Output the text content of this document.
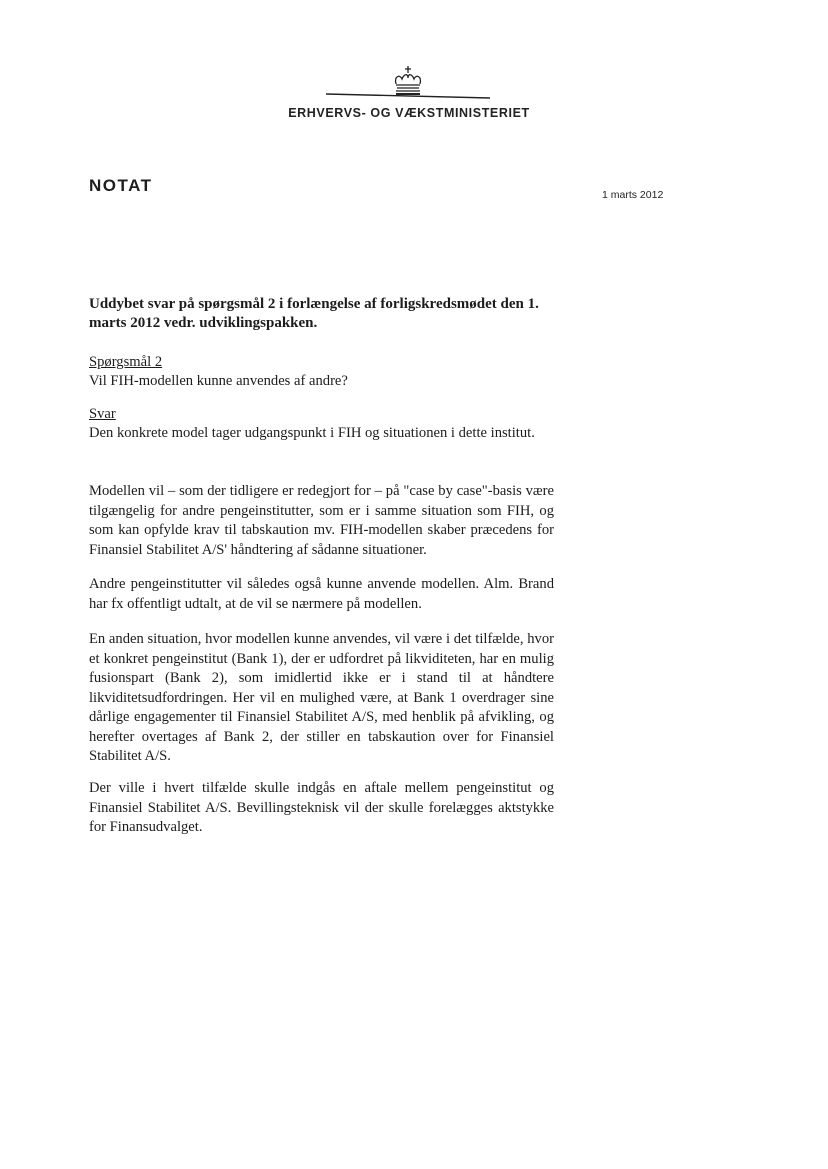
ERHVERVS- OG VÆKSTMINISTERIET
NOTAT	1 marts 2012
Uddybet svar på spørgsmål 2 i forlængelse af forligskredsmødet den 1. marts 2012 vedr. udviklingspakken.
Spørgsmål 2
Vil FIH-modellen kunne anvendes af andre?
Svar

Den konkrete model tager udgangspunkt i FIH og situationen i dette institut.

Modellen vil – som der tidligere er redegjort for – på "case by case"-basis være tilgængelig for andre pengeinstitutter, som er i samme situation som FIH, og som kan opfylde krav til tabskaution mv. FIH-modellen skaber præcedens for Finansiel Stabilitet A/S' håndtering af sådanne situationer.

Andre pengeinstitutter vil således også kunne anvende modellen. Alm. Brand har fx offentligt udtalt, at de vil se nærmere på modellen.

En anden situation, hvor modellen kunne anvendes, vil være i det tilfælde, hvor et konkret pengeinstitut (Bank 1), der er udfordret på likviditeten, har en mulig fusionspart (Bank 2), som imidlertid ikke er i stand til at håndtere likviditetsudfordringen. Her vil en mulighed være, at Bank 1 overdrager sine dårlige engagementer til Finansiel Stabilitet A/S, med henblik på afvikling, og herefter overtages af Bank 2, der stiller en tabskaution over for Finansiel Stabilitet A/S.

Der ville i hvert tilfælde skulle indgås en aftale mellem pengeinstitut og Finansiel Stabilitet A/S. Bevillingsteknisk vil der skulle forelægges aktstykke for Finansudvalget.
